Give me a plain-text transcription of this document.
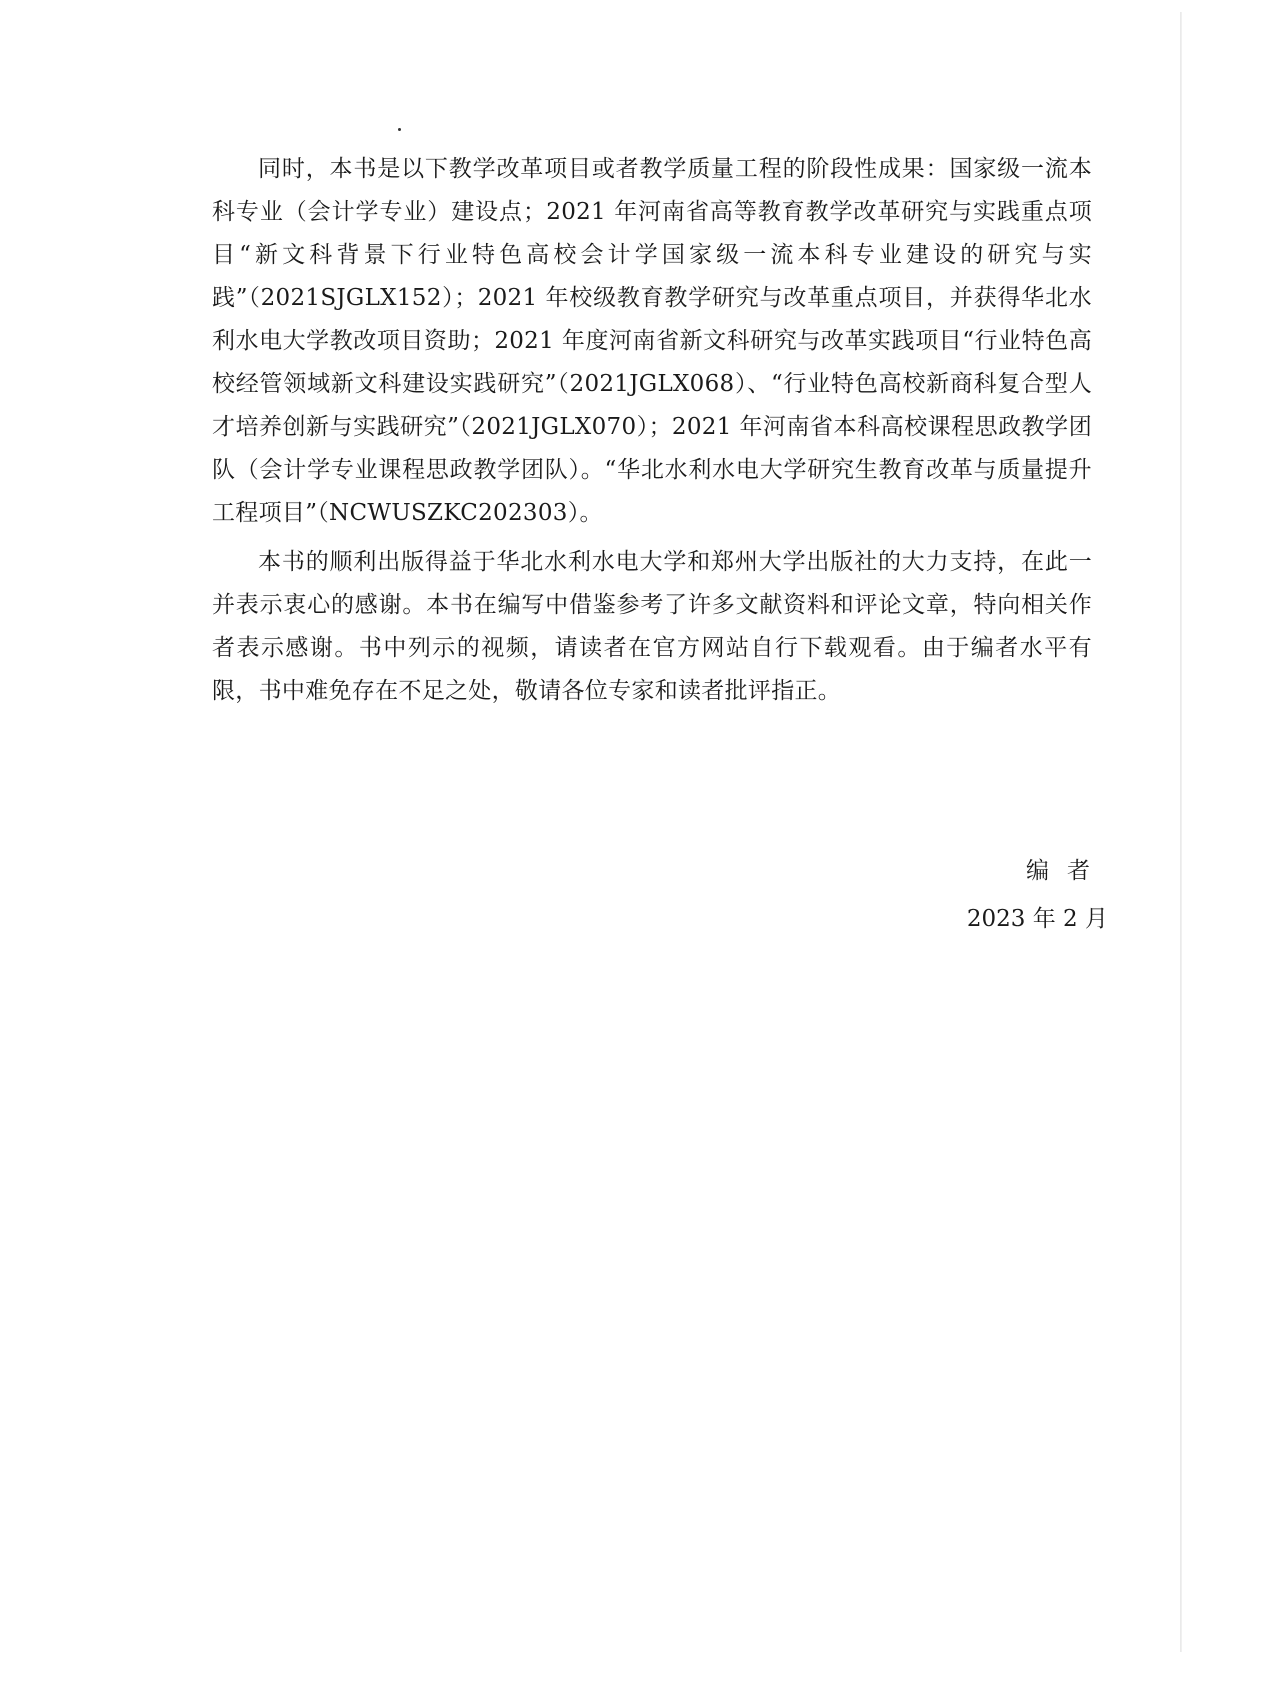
同时，本书是以下教学改革项目或者教学质量工程的阶段性成果：国家级一流本科专业（会计学专业）建设点；2021 年河南省高等教育教学改革研究与实践重点项目“新文科背景下行业特色高校会计学国家级一流本科专业建设的研究与实践”（2021SJGLX152）；2021 年校级教育教学研究与改革重点项目，并获得华北水利水电大学教改项目资助；2021 年度河南省新文科研究与改革实践项目“行业特色高校经管领域新文科建设实践研究”（2021JGLX068）、“行业特色高校新商科复合型人才培养创新与实践研究”（2021JGLX070）；2021 年河南省本科高校课程思政教学团队（会计学专业课程思政教学团队）。“华北水利水电大学研究生教育改革与质量提升工程项目”（NCWUSZKC202303）。

本书的顺利出版得益于华北水利水电大学和郑州大学出版社的大力支持，在此一并表示衷心的感谢。本书在编写中借鉴参考了许多文献资料和评论文章，特向相关作者表示感谢。书中列示的视频，请读者在官方网站自行下载观看。由于编者水平有限，书中难免存在不足之处，敬请各位专家和读者批评指正。

编者
2023 年 2 月
